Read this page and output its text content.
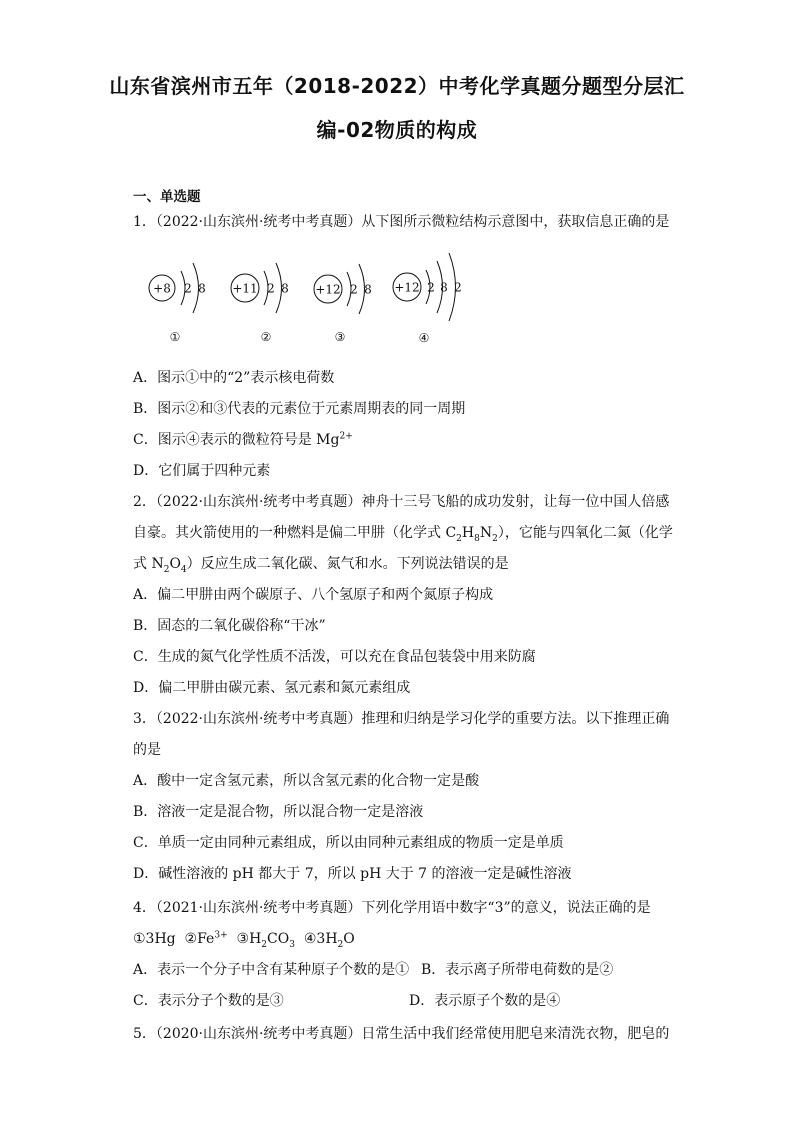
山东省滨州市五年（2018-2022）中考化学真题分题型分层汇
编-02物质的构成
一、单选题
1．（2022·山东滨州·统考中考真题）从下图所示微粒结构示意图中，获取信息正确的是
+8 2 8
①
+11 2 8
②
+12 2 8
③
+12 2 8 2
④
A．图示①中的“2”表示核电荷数
B．图示②和③代表的元素位于元素周期表的同一周期
C．图示④表示的微粒符号是 $Mg^{2+}$
D．它们属于四种元素
2．（2022·山东滨州·统考中考真题）神舟十三号飞船的成功发射，让每一位中国人倍感
自豪。其火箭使用的一种燃料是偏二甲肼（化学式 $C_2H_8N_2$），它能与四氧化二氮（化学
式 $N_2O_4$）反应生成二氧化碳、氮气和水。下列说法错误的是
A．偏二甲肼由两个碳原子、八个氢原子和两个氮原子构成
B．固态的二氧化碳俗称“干冰”
C．生成的氮气化学性质不活泼，可以充在食品包装袋中用来防腐
D．偏二甲肼由碳元素、氢元素和氮元素组成
3．（2022·山东滨州·统考中考真题）推理和归纳是学习化学的重要方法。以下推理正确
的是
A．酸中一定含氢元素，所以含氢元素的化合物一定是酸
B．溶液一定是混合物，所以混合物一定是溶液
C．单质一定由同种元素组成，所以由同种元素组成的物质一定是单质
D．碱性溶液的 pH 都大于 7，所以 pH 大于 7 的溶液一定是碱性溶液
4．（2021·山东滨州·统考中考真题）下列化学用语中数字“3”的意义，说法正确的是
①3Hg $②Fe^{3+}$ $③H_2CO_3$ $④3H_2O$
A．表示一个分子中含有某种原子个数的是① B．表示离子所带电荷数的是②
C．表示分子个数的是③	D．表示原子个数的是④
5．（2020·山东滨州·统考中考真题）日常生活中我们经常使用肥皂来清洗衣物，肥皂的
